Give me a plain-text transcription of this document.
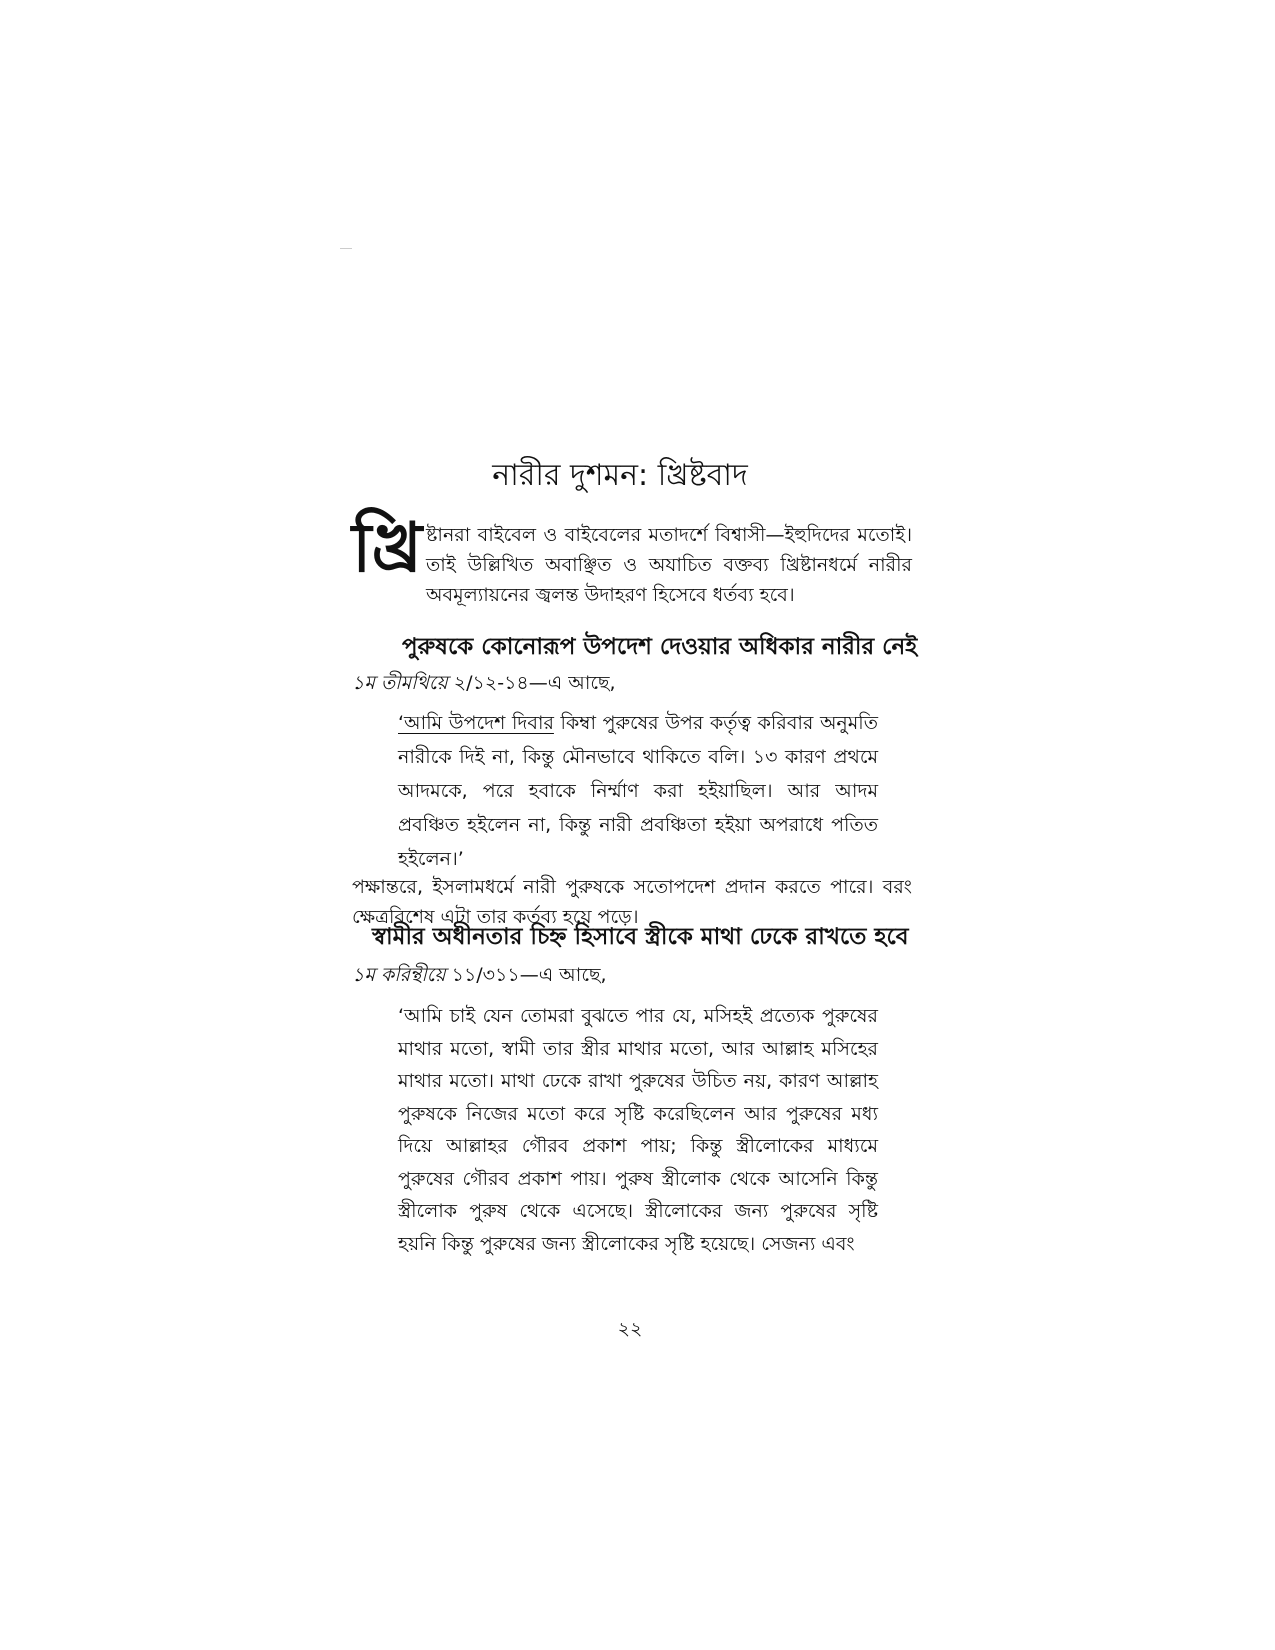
নারীর দুশমন: খ্রিষ্টবাদ

খ্রি ষ্টানরা বাইবেল ও বাইবেলের মতাদর্শে বিশ্বাসী—ইহুদিদের মতোই। তাই উল্লিখিত অবাঞ্ছিত ও অযাচিত বক্তব্য খ্রিষ্টানধর্মে নারীর অবমূল্যায়নের জ্বলন্ত উদাহরণ হিসেবে ধর্তব্য হবে।

পুরুষকে কোনোরূপ উপদেশ দেওয়ার অধিকার নারীর নেই

১ম তীমথিয়ে ২/১২-১৪—এ আছে,

‘আমি উপদেশ দিবার কিম্বা পুরুষের উপর কর্তৃত্ব করিবার অনুমতি নারীকে দিই না, কিন্তু মৌনভাবে থাকিতে বলি। ১৩ কারণ প্রথমে আদমকে, পরে হবাকে নির্ম্মাণ করা হইয়াছিল। আর আদম প্রবঞ্চিত হইলেন না, কিন্তু নারী প্রবঞ্চিতা হইয়া অপরাধে পতিত হইলেন।’

পক্ষান্তরে, ইসলামধর্মে নারী পুরুষকে সতোপদেশ প্রদান করতে পারে। বরং ক্ষেত্রবিশেষ এটা তার কর্তব্য হয়ে পড়ে।

স্বামীর অধীনতার চিহ্ন হিসাবে স্ত্রীকে মাথা ঢেকে রাখতে হবে

১ম করিন্থীয়ে ১১/৩১১—এ আছে,

‘আমি চাই যেন তোমরা বুঝতে পার যে, মসিহই প্রত্যেক পুরুষের মাথার মতো, স্বামী তার স্ত্রীর মাথার মতো, আর আল্লাহ মসিহের মাথার মতো। মাথা ঢেকে রাখা পুরুষের উচিত নয়, কারণ আল্লাহ পুরুষকে নিজের মতো করে সৃষ্টি করেছিলেন আর পুরুষের মধ্য দিয়ে আল্লাহর গৌরব প্রকাশ পায়; কিন্তু স্ত্রীলোকের মাধ্যমে পুরুষের গৌরব প্রকাশ পায়। পুরুষ স্ত্রীলোক থেকে আসেনি কিন্তু স্ত্রীলোক পুরুষ থেকে এসেছে। স্ত্রীলোকের জন্য পুরুষের সৃষ্টি হয়নি কিন্তু পুরুষের জন্য স্ত্রীলোকের সৃষ্টি হয়েছে। সেজন্য এবং

২২
